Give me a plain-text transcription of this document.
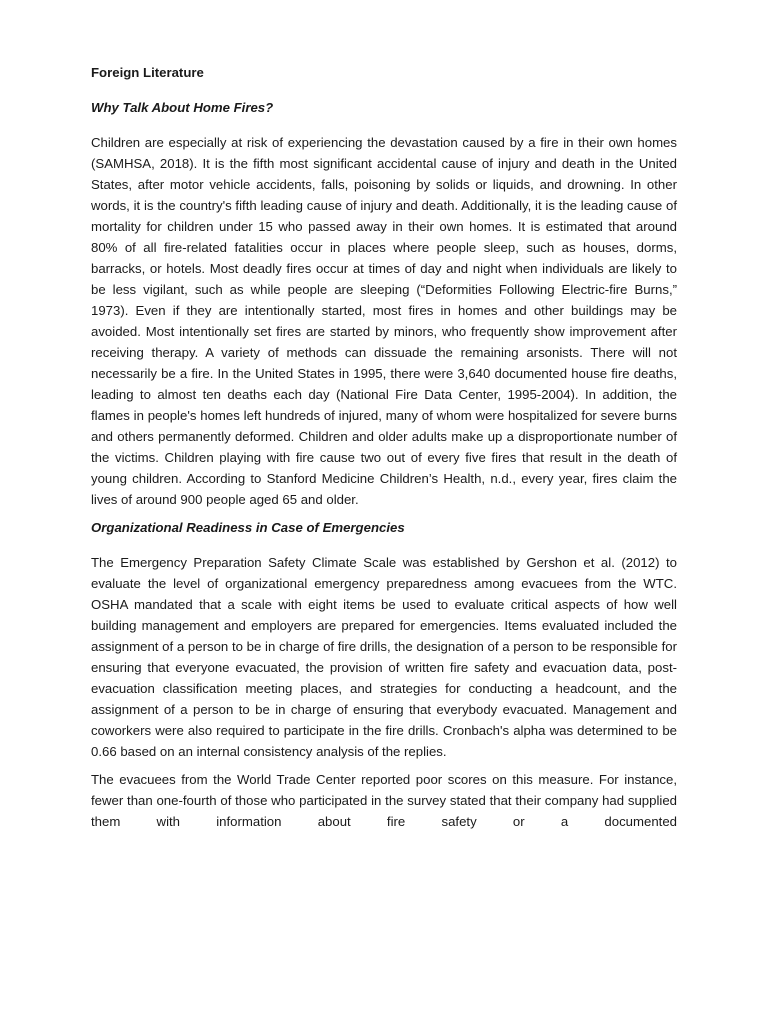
Foreign Literature
Why Talk About Home Fires?

Children are especially at risk of experiencing the devastation caused by a fire in their own homes (SAMHSA, 2018). It is the fifth most significant accidental cause of injury and death in the United States, after motor vehicle accidents, falls, poisoning by solids or liquids, and drowning. In other words, it is the country's fifth leading cause of injury and death. Additionally, it is the leading cause of mortality for children under 15 who passed away in their own homes. It is estimated that around 80% of all fire-related fatalities occur in places where people sleep, such as houses, dorms, barracks, or hotels. Most deadly fires occur at times of day and night when individuals are likely to be less vigilant, such as while people are sleeping (“Deformities Following Electric-fire Burns,” 1973). Even if they are intentionally started, most fires in homes and other buildings may be avoided. Most intentionally set fires are started by minors, who frequently show improvement after receiving therapy. A variety of methods can dissuade the remaining arsonists. There will not necessarily be a fire. In the United States in 1995, there were 3,640 documented house fire deaths, leading to almost ten deaths each day (National Fire Data Center, 1995-2004). In addition, the flames in people's homes left hundreds of injured, many of whom were hospitalized for severe burns and others permanently deformed. Children and older adults make up a disproportionate number of the victims. Children playing with fire cause two out of every five fires that result in the death of young children. According to Stanford Medicine Children’s Health, n.d., every year, fires claim the lives of around 900 people aged 65 and older.

Organizational Readiness in Case of Emergencies

The Emergency Preparation Safety Climate Scale was established by Gershon et al. (2012) to evaluate the level of organizational emergency preparedness among evacuees from the WTC. OSHA mandated that a scale with eight items be used to evaluate critical aspects of how well building management and employers are prepared for emergencies. Items evaluated included the assignment of a person to be in charge of fire drills, the designation of a person to be responsible for ensuring that everyone evacuated, the provision of written fire safety and evacuation data, post-evacuation classification meeting places, and strategies for conducting a headcount, and the assignment of a person to be in charge of ensuring that everybody evacuated. Management and coworkers were also required to participate in the fire drills. Cronbach's alpha was determined to be 0.66 based on an internal consistency analysis of the replies.

The evacuees from the World Trade Center reported poor scores on this measure. For instance, fewer than one-fourth of those who participated in the survey stated that their company had supplied them with information about fire safety or a documented
